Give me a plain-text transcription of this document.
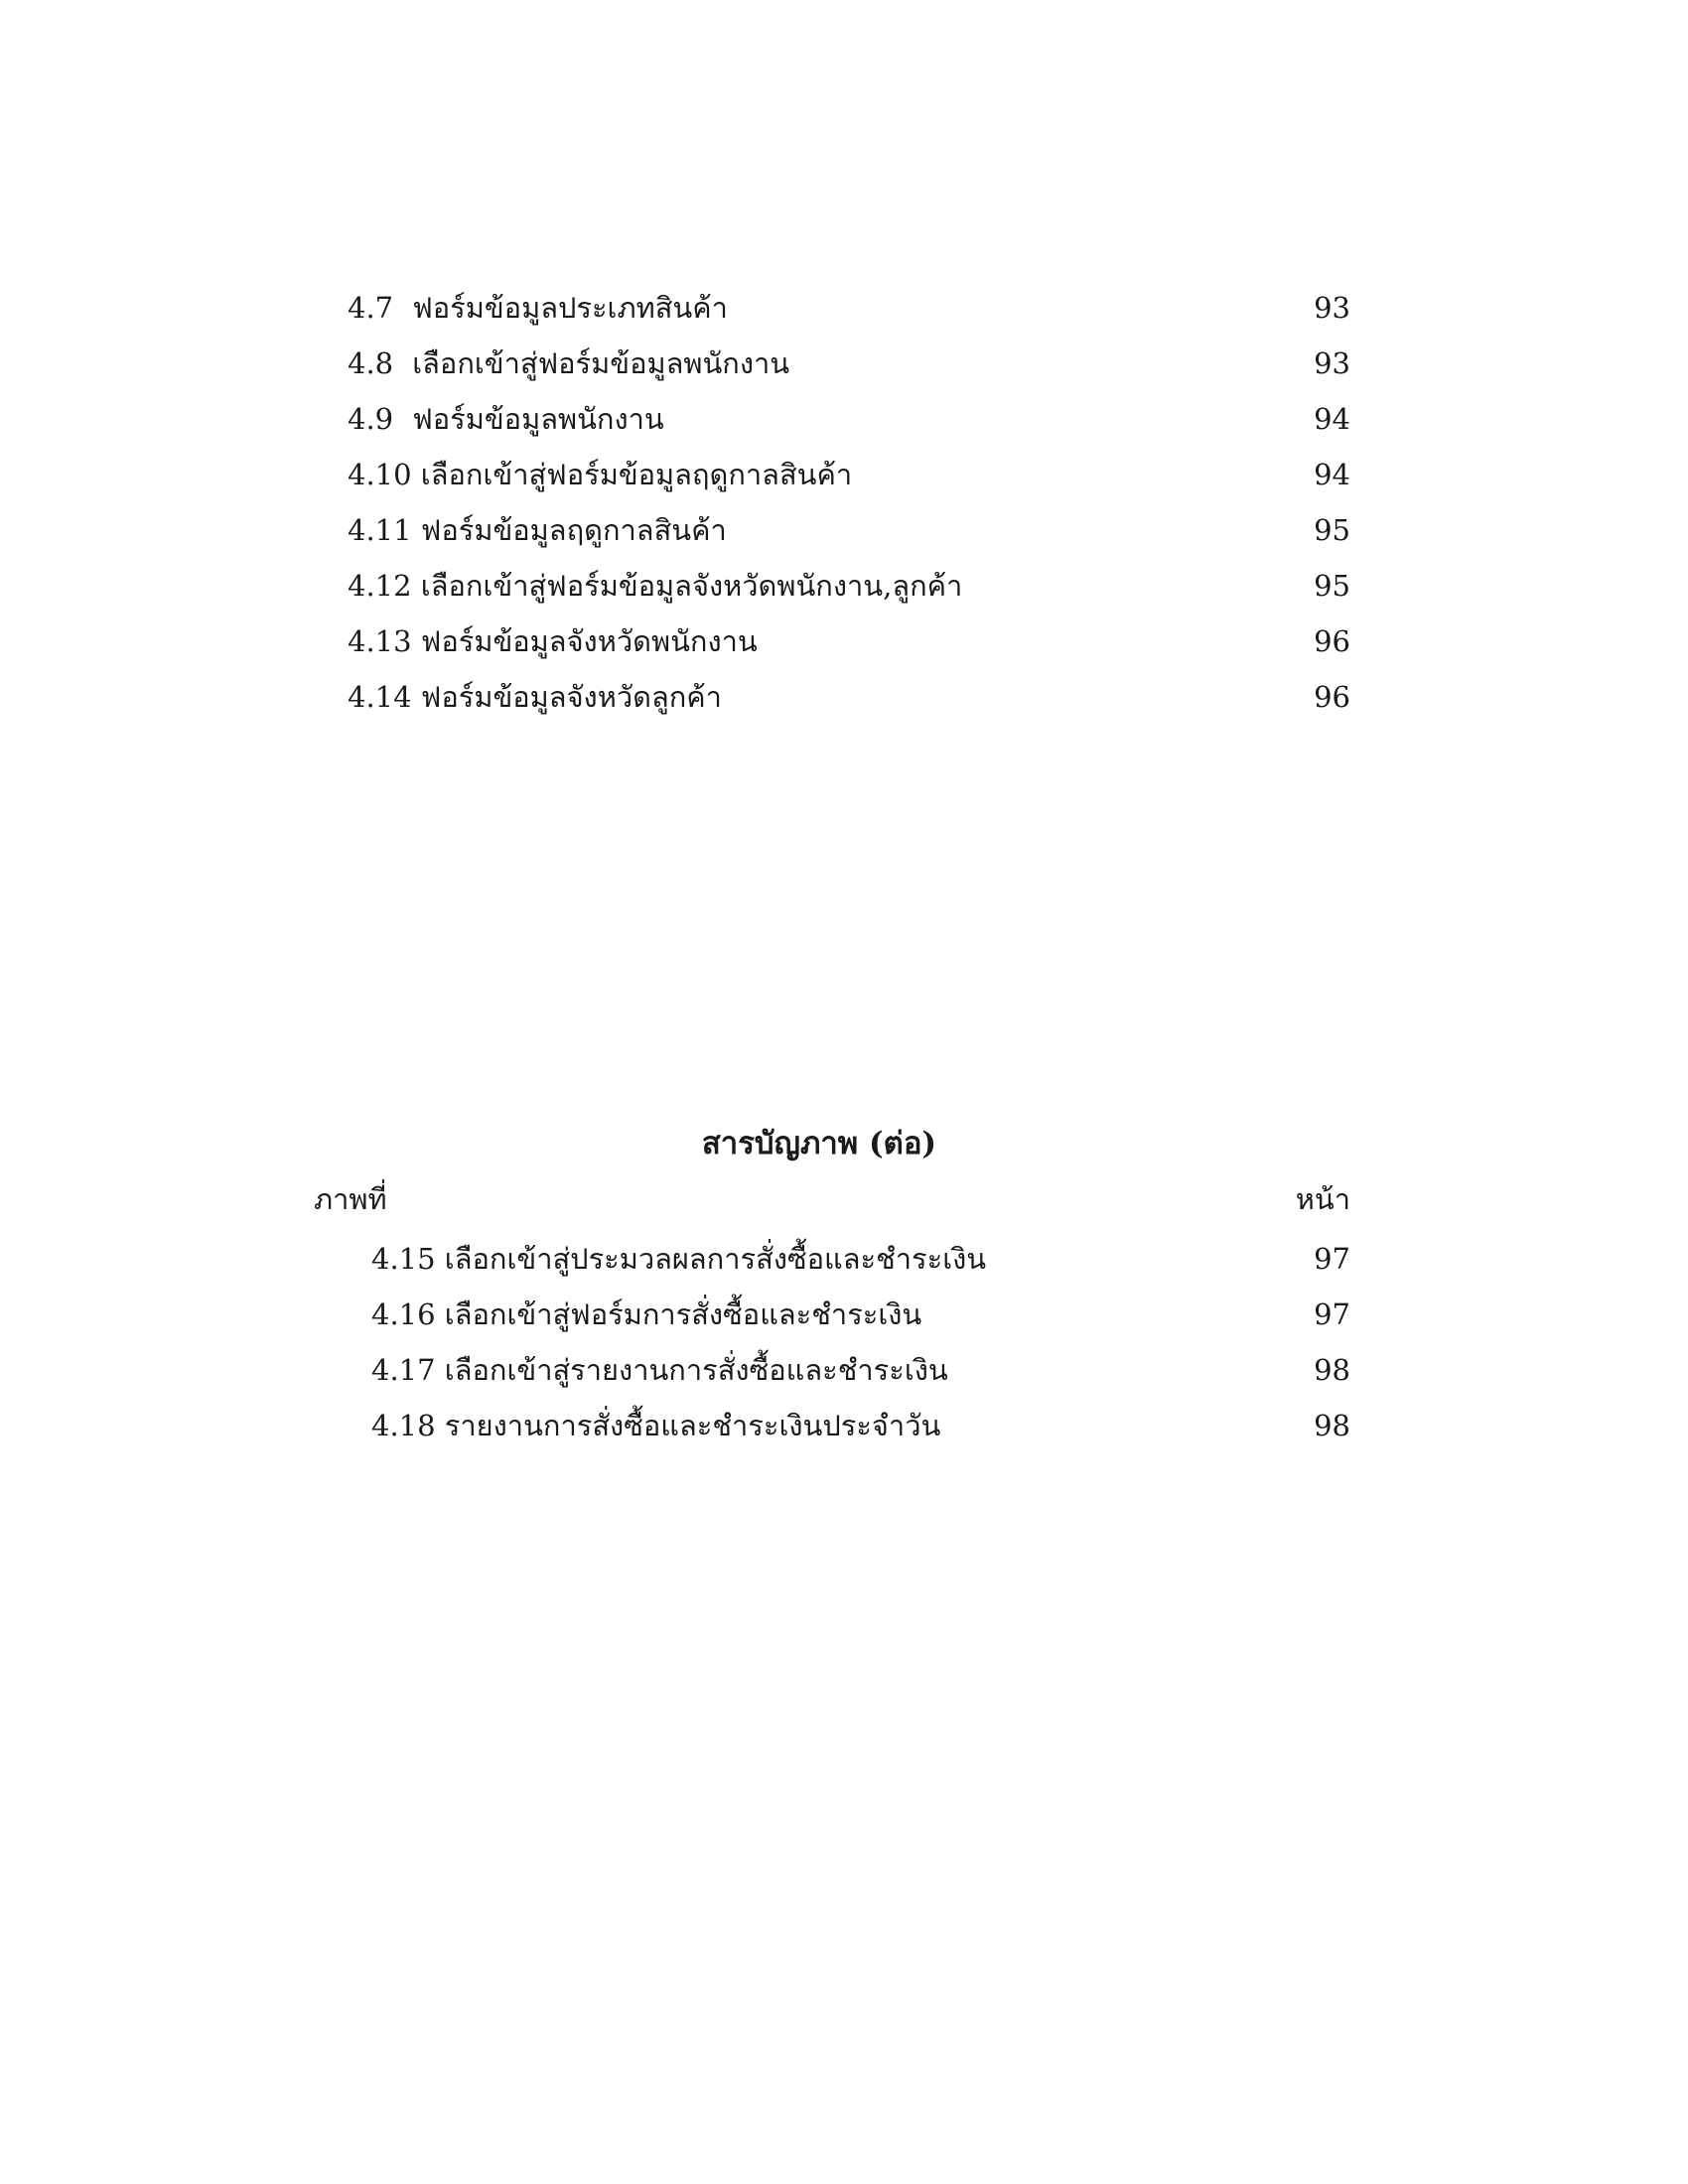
4.7 ฟอร์มข้อมูลประเภทสินค้า	93
4.8 เลือกเข้าสู่ฟอร์มข้อมูลพนักงาน	93
4.9 ฟอร์มข้อมูลพนักงาน	94
4.10 เลือกเข้าสู่ฟอร์มข้อมูลฤดูกาลสินค้า	94
4.11 ฟอร์มข้อมูลฤดูกาลสินค้า	95
4.12 เลือกเข้าสู่ฟอร์มข้อมูลจังหวัดพนักงาน,ลูกค้า	95
4.13 ฟอร์มข้อมูลจังหวัดพนักงาน	96
4.14 ฟอร์มข้อมูลจังหวัดลูกค้า	96
สารบัญภาพ (ต่อ)
ภาพที่	หน้า
4.15 เลือกเข้าสู่ประมวลผลการสั่งซื้อและชำระเงิน	97
4.16 เลือกเข้าสู่ฟอร์มการสั่งซื้อและชำระเงิน	97
4.17 เลือกเข้าสู่รายงานการสั่งซื้อและชำระเงิน	98
4.18 รายงานการสั่งซื้อและชำระเงินประจำวัน	98
